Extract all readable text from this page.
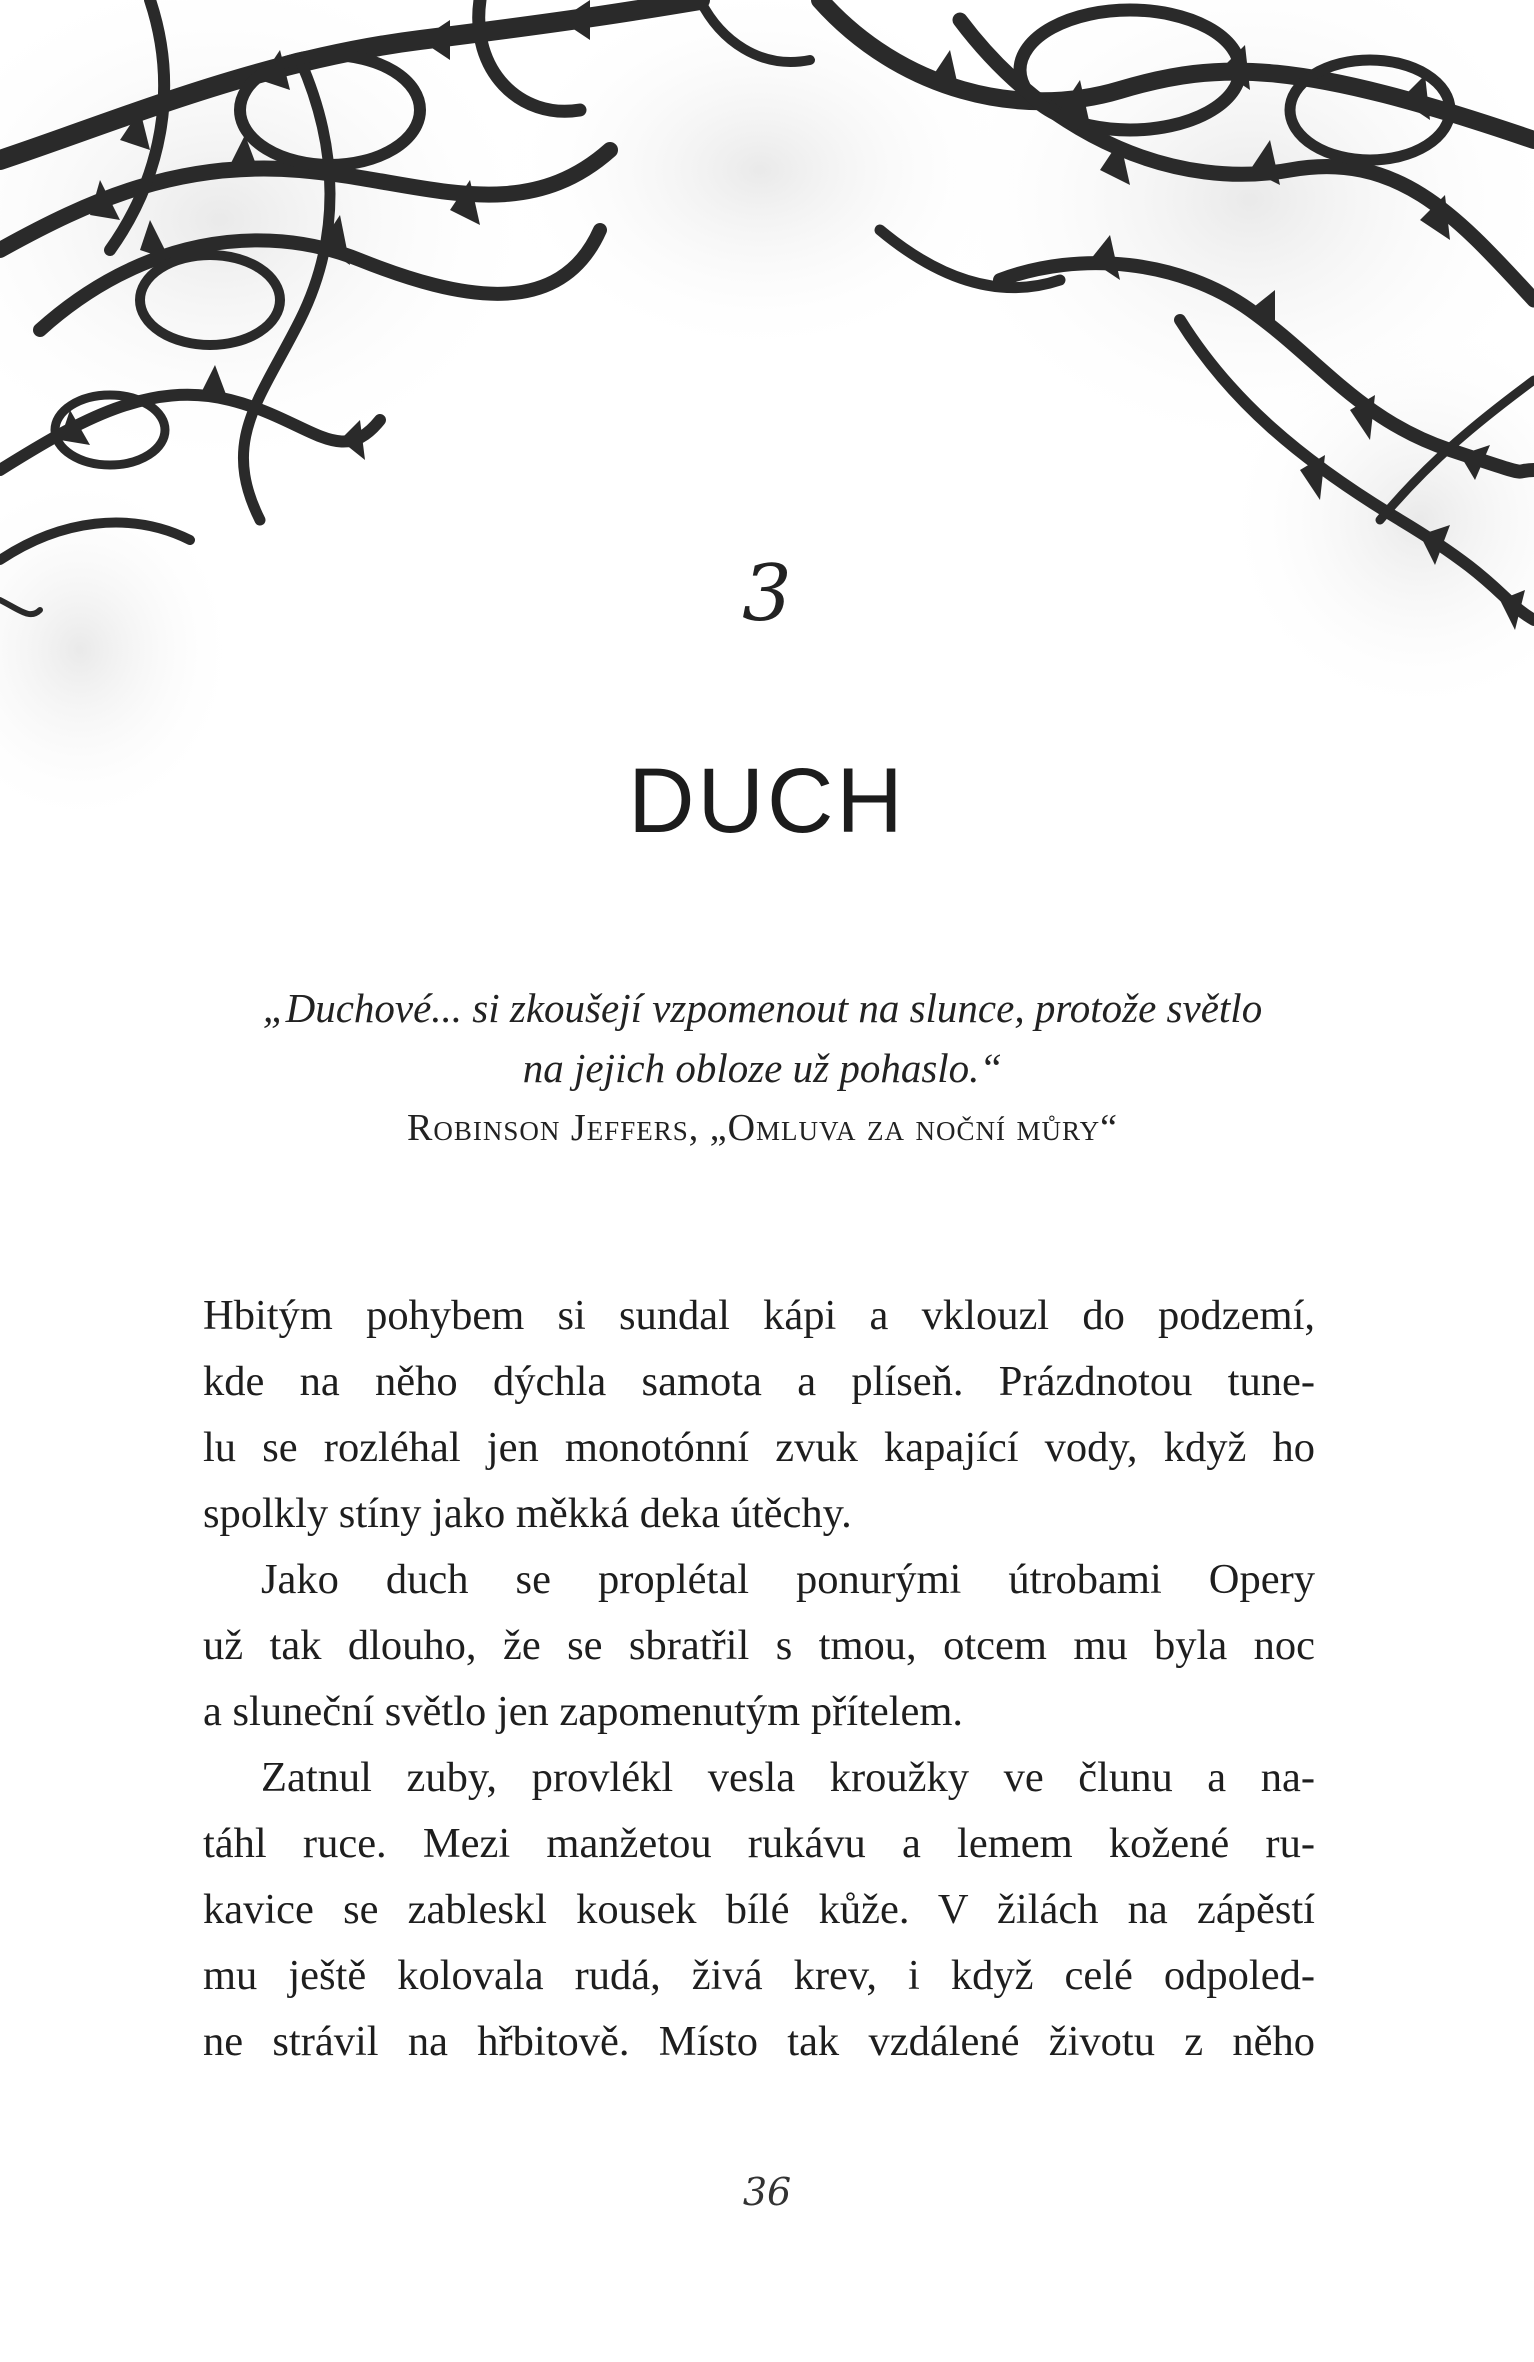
3
DUCH
„Duchové... si zkoušejí vzpomenout na slunce, protože světlo
na jejich obloze už pohaslo.“
Robinson Jeffers, „Omluva za noční můry“

Hbitým pohybem si sundal kápi a vklouzl do podzemí,
kde na něho dýchla samota a plíseň. Prázdnotou tune-
lu se rozléhal jen monotónní zvuk kapající vody, když ho
spolkly stíny jako měkká deka útěchy.

Jako duch se proplétal ponurými útrobami Opery
už tak dlouho, že se sbratřil s tmou, otcem mu byla noc
a sluneční světlo jen zapomenutým přítelem.

Zatnul zuby, provlékl vesla kroužky ve člunu a na-
táhl ruce. Mezi manžetou rukávu a lemem kožené ru-
kavice se zableskl kousek bílé kůže. V žilách na zápěstí
mu ještě kolovala rudá, živá krev, i když celé odpoled-
ne strávil na hřbitově. Místo tak vzdálené životu z něho

36
